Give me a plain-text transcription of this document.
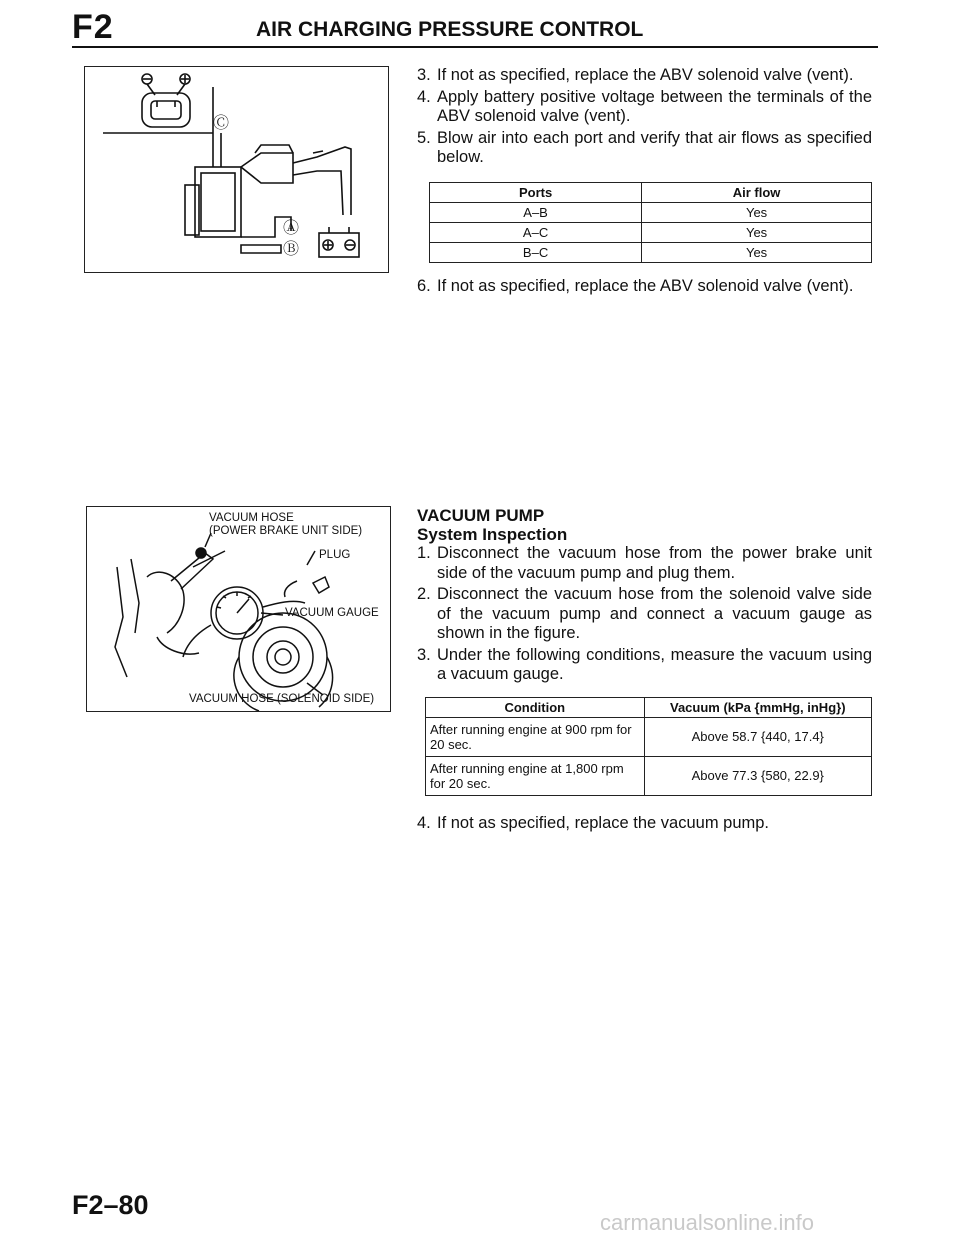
F2	AIR CHARGING PRESSURE CONTROL
Ⓒ
Ⓐ
Ⓑ
3. If not as specified, replace the ABV solenoid valve (vent).
4. Apply battery positive voltage between the terminals of the ABV solenoid valve (vent).
5. Blow air into each port and verify that air flows as specified below.
Ports	Air flow
A–B	Yes
A–C	Yes
B–C	Yes
6. If not as specified, replace the ABV solenoid valve (vent).
VACUUM HOSE
(POWER BRAKE UNIT SIDE)
PLUG
VACUUM GAUGE
VACUUM HOSE (SOLENOID SIDE)
VACUUM PUMP
System Inspection
1. Disconnect the vacuum hose from the power brake unit side of the vacuum pump and plug them.
2. Disconnect the vacuum hose from the solenoid valve side of the vacuum pump and connect a vacuum gauge as shown in the figure.
3. Under the following conditions, measure the vacuum using a vacuum gauge.
Condition	Vacuum (kPa {mmHg, inHg})
After running engine at 900 rpm for 20 sec.	Above 58.7 {440, 17.4}
After running engine at 1,800 rpm for 20 sec.	Above 77.3 {580, 22.9}
4. If not as specified, replace the vacuum pump.
F2–80
carmanualsonline.info
